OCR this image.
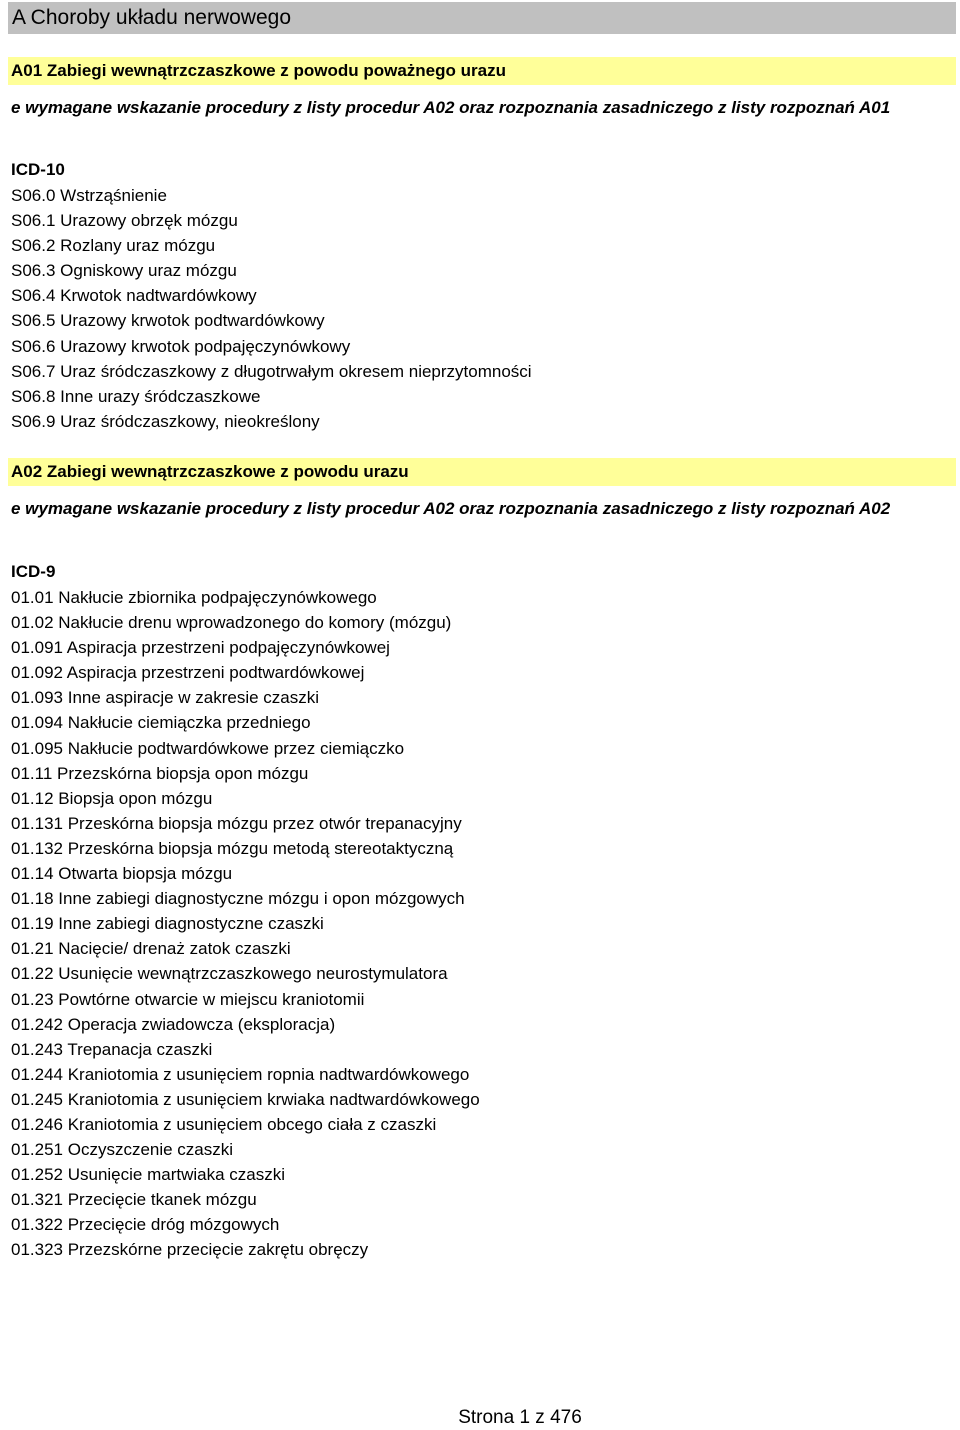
A Choroby układu nerwowego
A01 Zabiegi wewnątrzczaszkowe z powodu poważnego urazu
e wymagane wskazanie procedury z listy procedur A02 oraz rozpoznania zasadniczego z listy rozpoznań A01
ICD-10
S06.0 Wstrząśnienie
S06.1 Urazowy obrzęk mózgu
S06.2 Rozlany uraz mózgu
S06.3 Ogniskowy uraz mózgu
S06.4 Krwotok nadtwardówkowy
S06.5 Urazowy krwotok podtwardówkowy
S06.6 Urazowy krwotok podpajęczynówkowy
S06.7 Uraz śródczaszkowy z długotrwałym okresem nieprzytomności
S06.8 Inne urazy śródczaszkowe
S06.9 Uraz śródczaszkowy, nieokreślony
A02 Zabiegi wewnątrzczaszkowe z powodu urazu
e wymagane wskazanie procedury z listy procedur A02 oraz rozpoznania zasadniczego z listy rozpoznań A02
ICD-9
01.01 Nakłucie zbiornika podpajęczynówkowego
01.02 Nakłucie drenu wprowadzonego do komory (mózgu)
01.091 Aspiracja przestrzeni podpajęczynówkowej
01.092 Aspiracja przestrzeni podtwardówkowej
01.093 Inne aspiracje w zakresie czaszki
01.094 Nakłucie ciemiączka przedniego
01.095 Nakłucie podtwardówkowe przez ciemiączko
01.11 Przezskórna biopsja opon mózgu
01.12 Biopsja opon mózgu
01.131 Przeskórna biopsja mózgu przez otwór trepanacyjny
01.132 Przeskórna biopsja mózgu metodą stereotaktyczną
01.14 Otwarta biopsja mózgu
01.18 Inne zabiegi diagnostyczne mózgu i opon mózgowych
01.19 Inne zabiegi diagnostyczne czaszki
01.21 Nacięcie/ drenaż zatok czaszki
01.22 Usunięcie wewnątrzczaszkowego neurostymulatora
01.23 Powtórne otwarcie w miejscu kraniotomii
01.242 Operacja zwiadowcza (eksploracja)
01.243 Trepanacja czaszki
01.244 Kraniotomia z usunięciem ropnia nadtwardówkowego
01.245 Kraniotomia z usunięciem krwiaka nadtwardówkowego
01.246 Kraniotomia z usunięciem obcego ciała z czaszki
01.251 Oczyszczenie czaszki
01.252 Usunięcie martwiaka czaszki
01.321 Przecięcie tkanek mózgu
01.322 Przecięcie dróg mózgowych
01.323 Przezskórne przecięcie zakrętu obręczy
Strona 1 z 476
